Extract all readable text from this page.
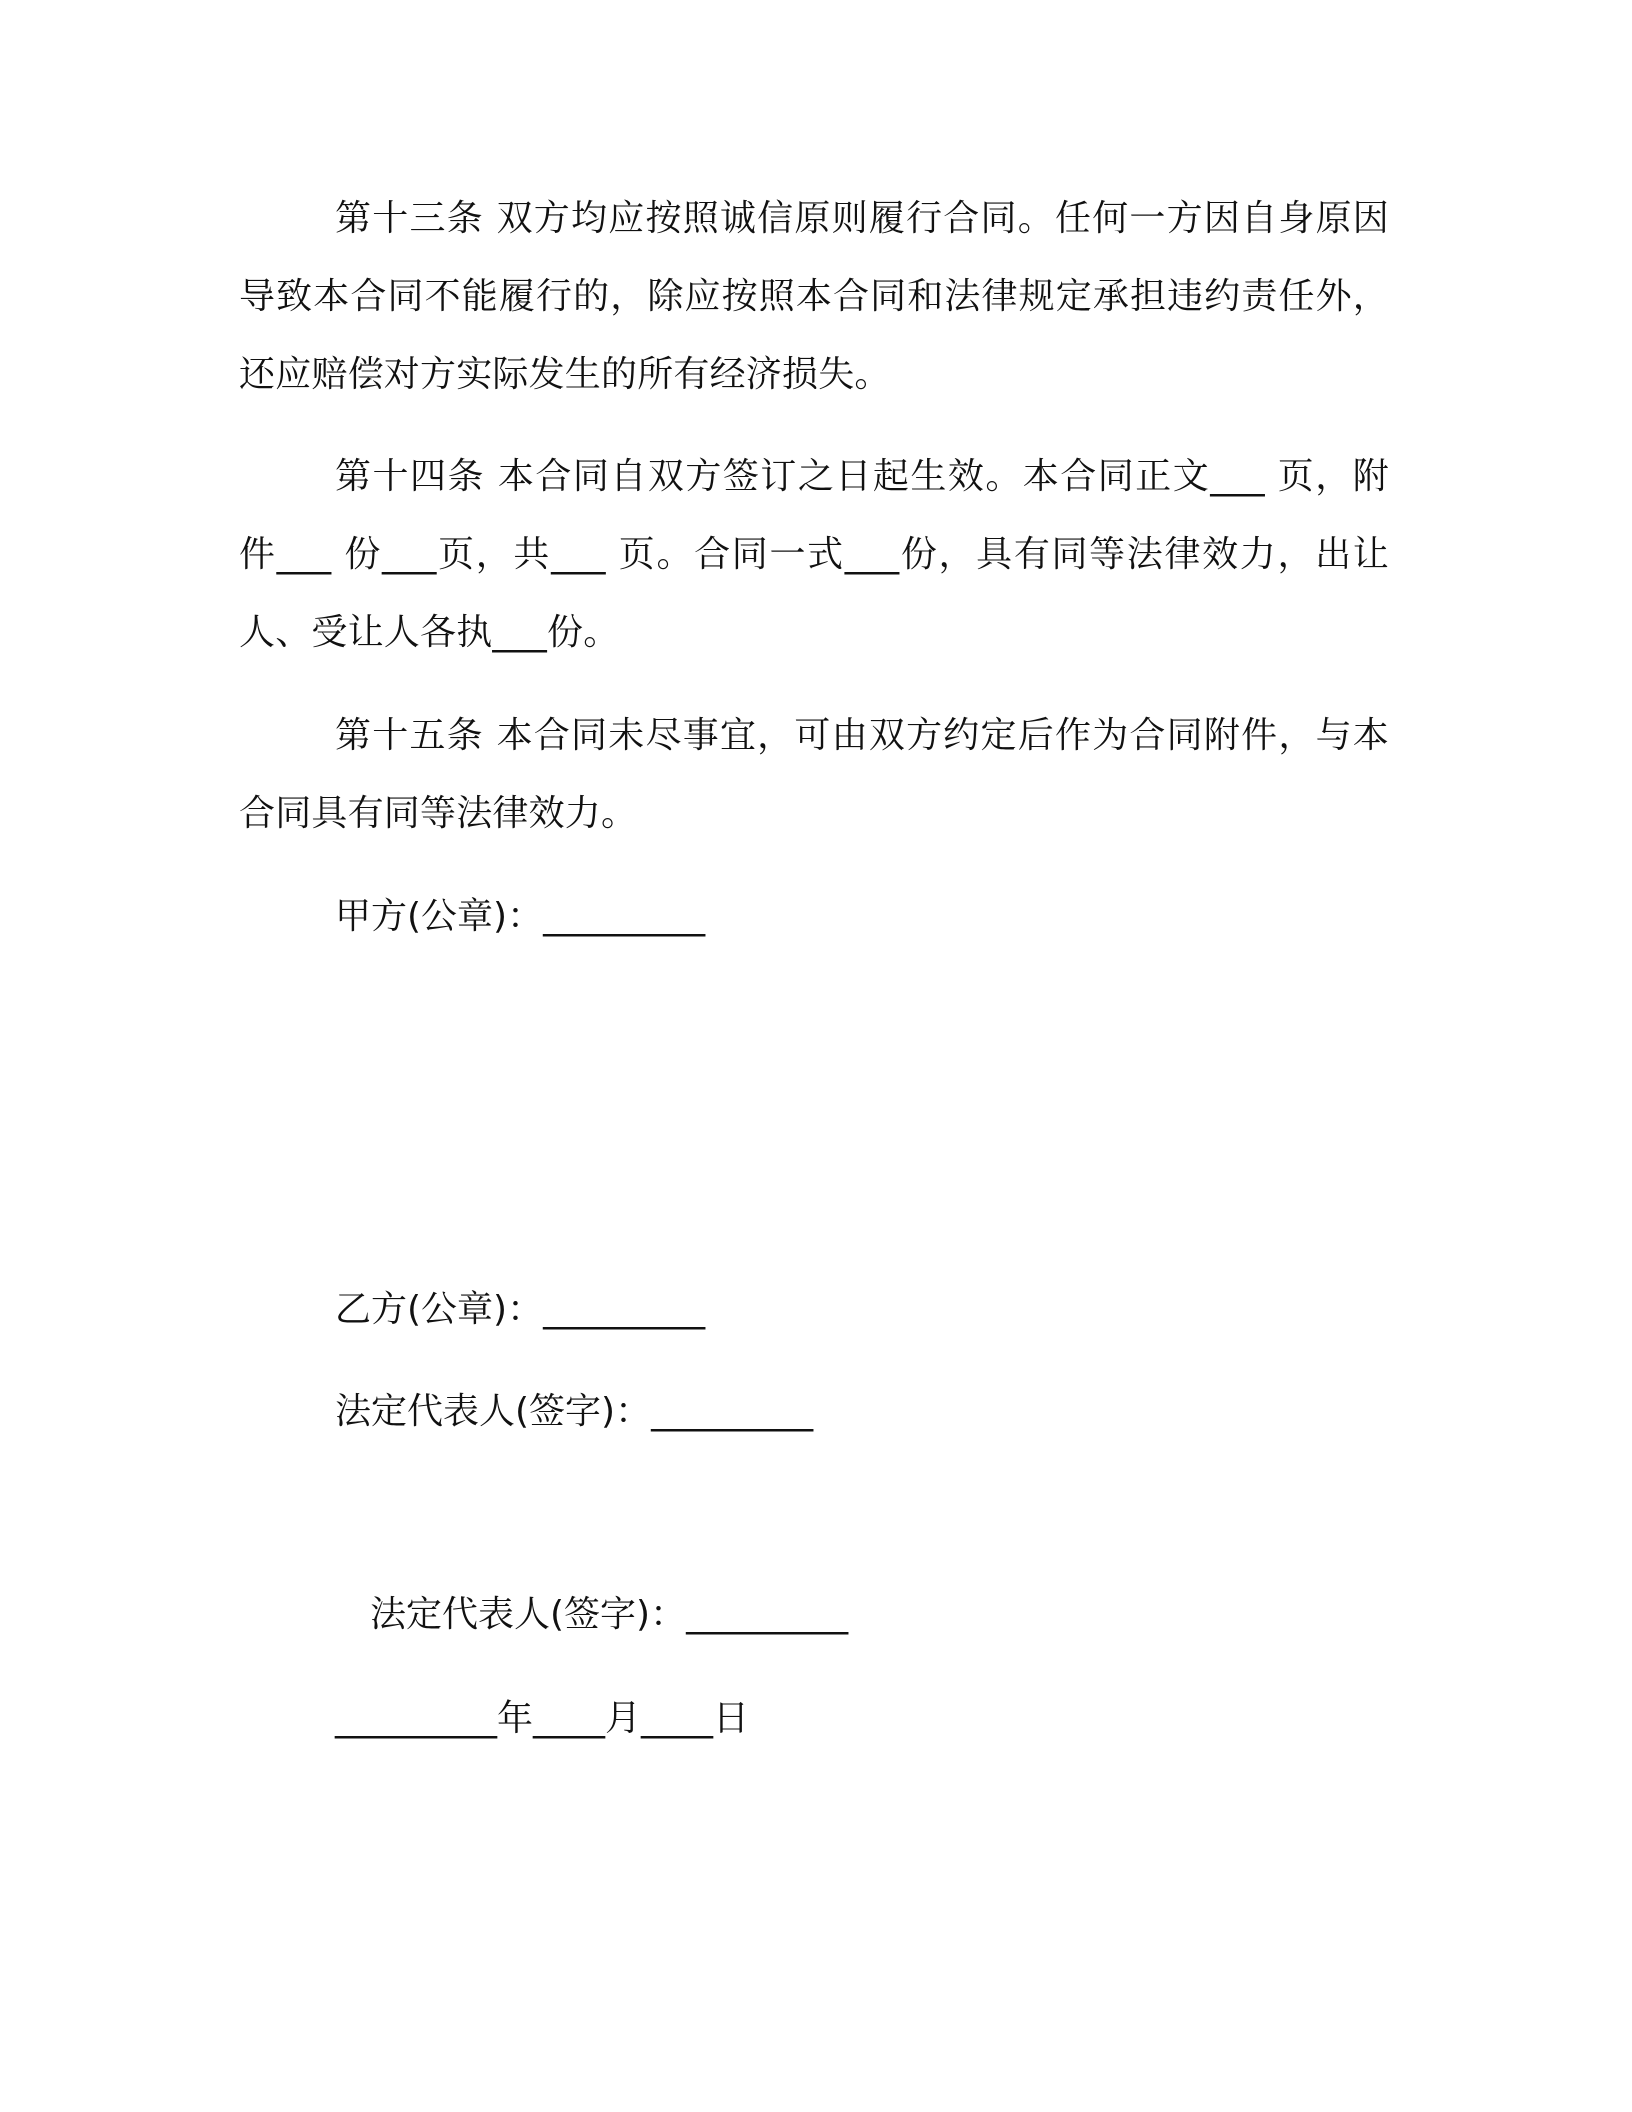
第十三条 双方均应按照诚信原则履行合同。任何一方因自身原因导致本合同不能履行的，除应按照本合同和法律规定承担违约责任外，还应赔偿对方实际发生的所有经济损失。

第十四条 本合同自双方签订之日起生效。本合同正文___ 页，附件___ 份___页，共___ 页。合同一式___份，具有同等法律效力，出让人、受让人各执___份。

第十五条 本合同未尽事宜，可由双方约定后作为合同附件，与本合同具有同等法律效力。

甲方(公章)：_________

乙方(公章)：_________

法定代表人(签字)：_________

法定代表人(签字)：_________

_________年____月____日
